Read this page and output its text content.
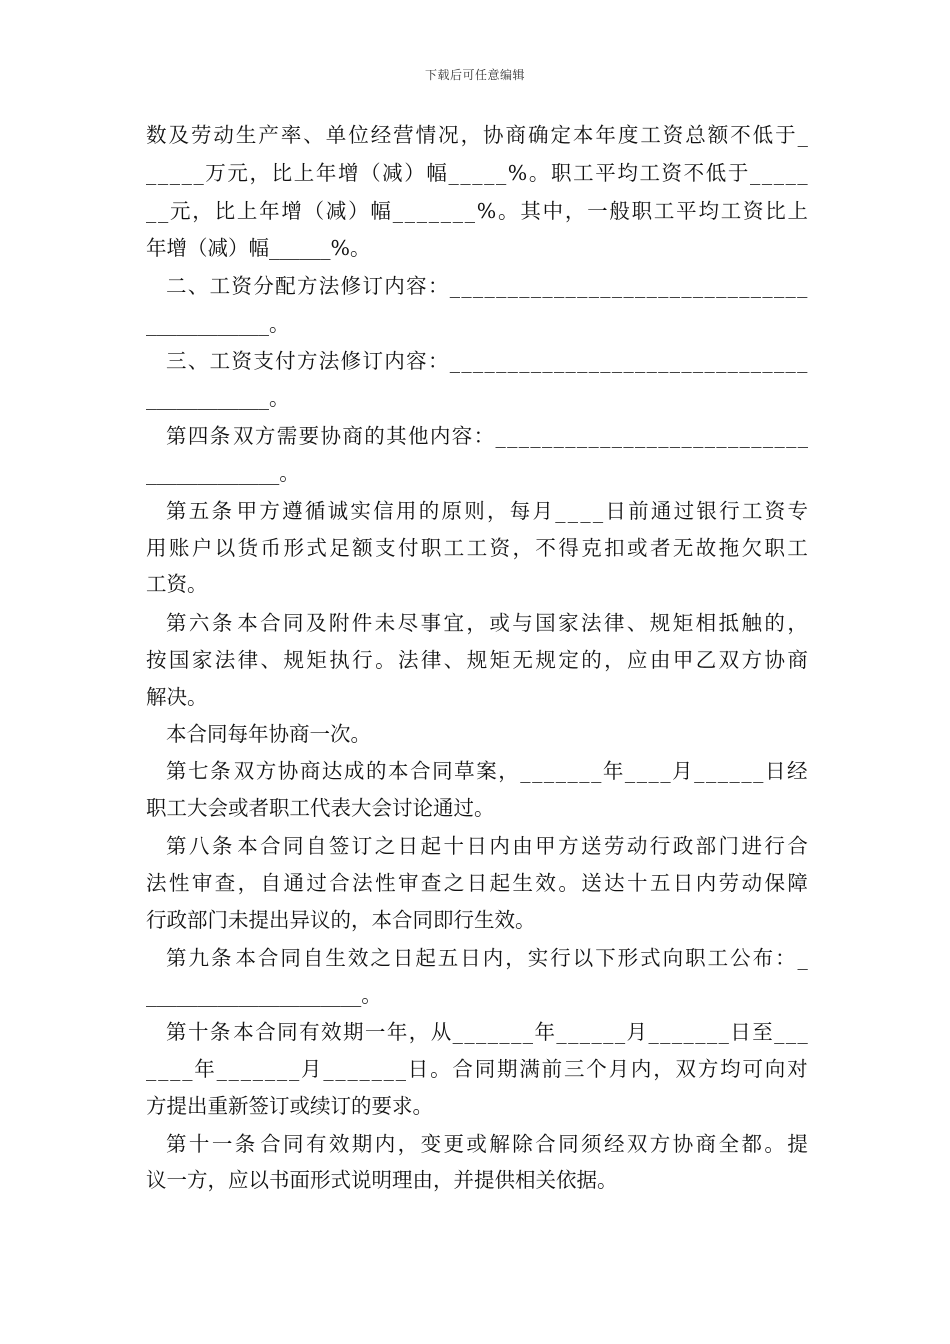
下载后可任意编辑
数 及 劳 动 生 产 率 、 单 位 经 营 情 况 ， 协 商 确 定 本 年 度 工 资 总 额 不 低 于 _
_ _ _ _ _ 万 元 ， 比 上 年 增 （ 减 ） 幅 _ _ _ _ _ % 。 职 工 平 均 工 资 不 低 于 _ _ _ _ _
_ _ 元 ， 比 上 年 增 （ 减 ） 幅 _ _ _ _ _ _ _ % 。 其 中 ， 一 般 职 工 平 均 工 资 比 上
年增（减）幅______%。
二 、 工 资 分 配 方 法 修 订 内 容 ： _ _ _ _ _ _ _ _ _ _ _ _ _ _ _ _ _ _ _ _ _ _ _ _ _ _ _ _ _ _ _
____________。
三 、 工 资 支 付 方 法 修 订 内 容 ： _ _ _ _ _ _ _ _ _ _ _ _ _ _ _ _ _ _ _ _ _ _ _ _ _ _ _ _ _ _ _
____________。
第 四 条 双 方 需 要 协 商 的 其 他 内 容 ： _ _ _ _ _ _ _ _ _ _ _ _ _ _ _ _ _ _ _ _ _ _ _ _ _ _ _
_____________。
第 五 条 甲 方 遵 循 诚 实 信 用 的 原 则 ， 每 月 _ _ _ _ 日 前 通 过 银 行 工 资 专
用 账 户 以 货 币 形 式 足 额 支 付 职 工 工 资 ， 不 得 克 扣 或 者 无 故 拖 欠 职 工
工资。
第 六 条 本 合 同 及 附 件 未 尽 事 宜 ， 或 与 国 家 法 律 、 规 矩 相 抵 触 的 ，
按 国 家 法 律 、 规 矩 执 行 。 法 律 、 规 矩 无 规 定 的 ， 应 由 甲 乙 双 方 协 商
解决。
本合同每年协商一次。
第 七 条 双 方 协 商 达 成 的 本 合 同 草 案 ， _ _ _ _ _ _ _ 年 _ _ _ _ 月 _ _ _ _ _ _ 日 经
职工大会或者职工代表大会讨论通过。
第 八 条 本 合 同 自 签 订 之 日 起 十 日 内 由 甲 方 送 劳 动 行 政 部 门 进 行 合
法 性 审 查 ， 自 通 过 合 法 性 审 查 之 日 起 生 效 。 送 达 十 五 日 内 劳 动 保 障
行政部门未提出异议的，本合同即行生效。
第 九 条 本 合 同 自 生 效 之 日 起 五 日 内 ， 实 行 以 下 形 式 向 职 工 公 布 ： _
_____________________。
第 十 条 本 合 同 有 效 期 一 年 ， 从 _ _ _ _ _ _ _ 年 _ _ _ _ _ _ 月 _ _ _ _ _ _ _ 日 至 _ _ _
_ _ _ _ 年 _ _ _ _ _ _ _ 月 _ _ _ _ _ _ _ 日 。 合 同 期 满 前 三 个 月 内 ， 双 方 均 可 向 对
方提出重新签订或续订的要求。
第 十 一 条 合 同 有 效 期 内 ， 变 更 或 解 除 合 同 须 经 双 方 协 商 全 都 。 提
议一方，应以书面形式说明理由，并提供相关依据。
